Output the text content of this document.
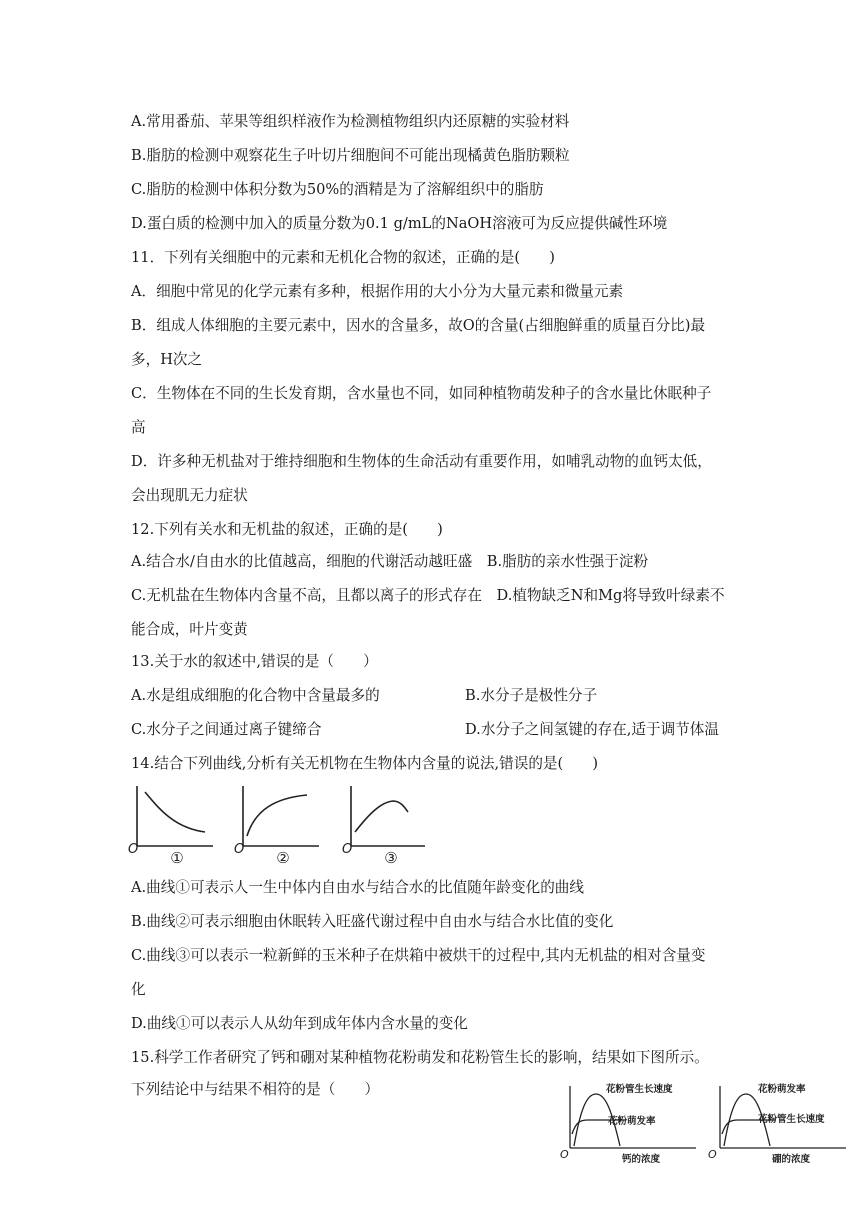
A.常用番茄、苹果等组织样液作为检测植物组织内还原糖的实验材料
B.脂肪的检测中观察花生子叶切片细胞间不可能出现橘黄色脂肪颗粒
C.脂肪的检测中体积分数为50%的酒精是为了溶解组织中的脂肪
D.蛋白质的检测中加入的质量分数为0.1 g/mL的NaOH溶液可为反应提供碱性环境
11．下列有关细胞中的元素和无机化合物的叙述，正确的是(　　)
A．细胞中常见的化学元素有多种，根据作用的大小分为大量元素和微量元素
B．组成人体细胞的主要元素中，因水的含量多，故O的含量(占细胞鲜重的质量百分比)最
多，H次之
C．生物体在不同的生长发育期，含水量也不同，如同种植物萌发种子的含水量比休眠种子
高
D．许多种无机盐对于维持细胞和生物体的生命活动有重要作用，如哺乳动物的血钙太低，
会出现肌无力症状
12.下列有关水和无机盐的叙述，正确的是(　　)
A.结合水/自由水的比值越高，细胞的代谢活动越旺盛　B.脂肪的亲水性强于淀粉
C.无机盐在生物体内含量不高，且都以离子的形式存在　D.植物缺乏N和Mg将导致叶绿素不
能合成，叶片变黄
13.关于水的叙述中,错误的是（　　）
A.水是组成细胞的化合物中含量最多的	B.水分子是极性分子
C.水分子之间通过离子键缔合	D.水分子之间氢键的存在,适于调节体温
14.结合下列曲线,分析有关无机物在生物体内含量的说法,错误的是(　　)
O	O	O
①	②	③
A.曲线①可表示人一生中体内自由水与结合水的比值随年龄变化的曲线
B.曲线②可表示细胞由休眠转入旺盛代谢过程中自由水与结合水比值的变化
C.曲线③可以表示一粒新鲜的玉米种子在烘箱中被烘干的过程中,其内无机盐的相对含量变
化
D.曲线①可以表示人从幼年到成年体内含水量的变化
15.科学工作者研究了钙和硼对某种植物花粉萌发和花粉管生长的影响，结果如下图所示。
下列结论中与结果不相符的是（　　）	花粉管生长速度
花粉萌发率
钙的浓度
O
花粉萌发率
花粉管生长速度
硼的浓度
O
